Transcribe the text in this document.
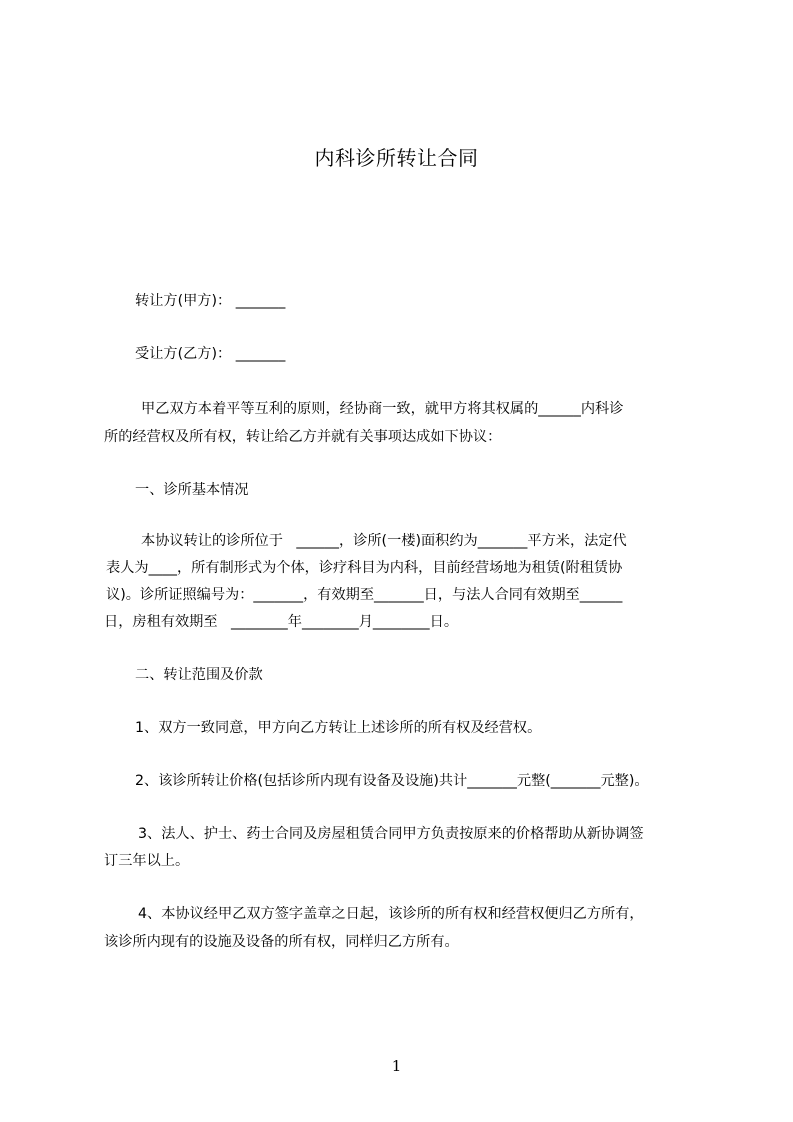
内科诊所转让合同
转让方(甲方)： _______
受让方(乙方)： _______
甲乙双方本着平等互利的原则，经协商一致，就甲方将其权属的______内科诊
所的经营权及所有权，转让给乙方并就有关事项达成如下协议：
一、诊所基本情况
本协议转让的诊所位于   ______，诊所(一楼)面积约为_______平方米，法定代
表人为____，所有制形式为个体，诊疗科目为内科，目前经营场地为租赁(附租赁协
议)。诊所证照编号为：_______，有效期至_______日，与法人合同有效期至______
日，房租有效期至   ________年________月________日。
二、转让范围及价款
1、双方一致同意，甲方向乙方转让上述诊所的所有权及经营权。
2、该诊所转让价格(包括诊所内现有设备及设施)共计_______元整(_______元整)。
3、法人、护士、药士合同及房屋租赁合同甲方负责按原来的价格帮助从新协调签
订三年以上。
4、本协议经甲乙双方签字盖章之日起，该诊所的所有权和经营权便归乙方所有，
该诊所内现有的设施及设备的所有权，同样归乙方所有。
1
